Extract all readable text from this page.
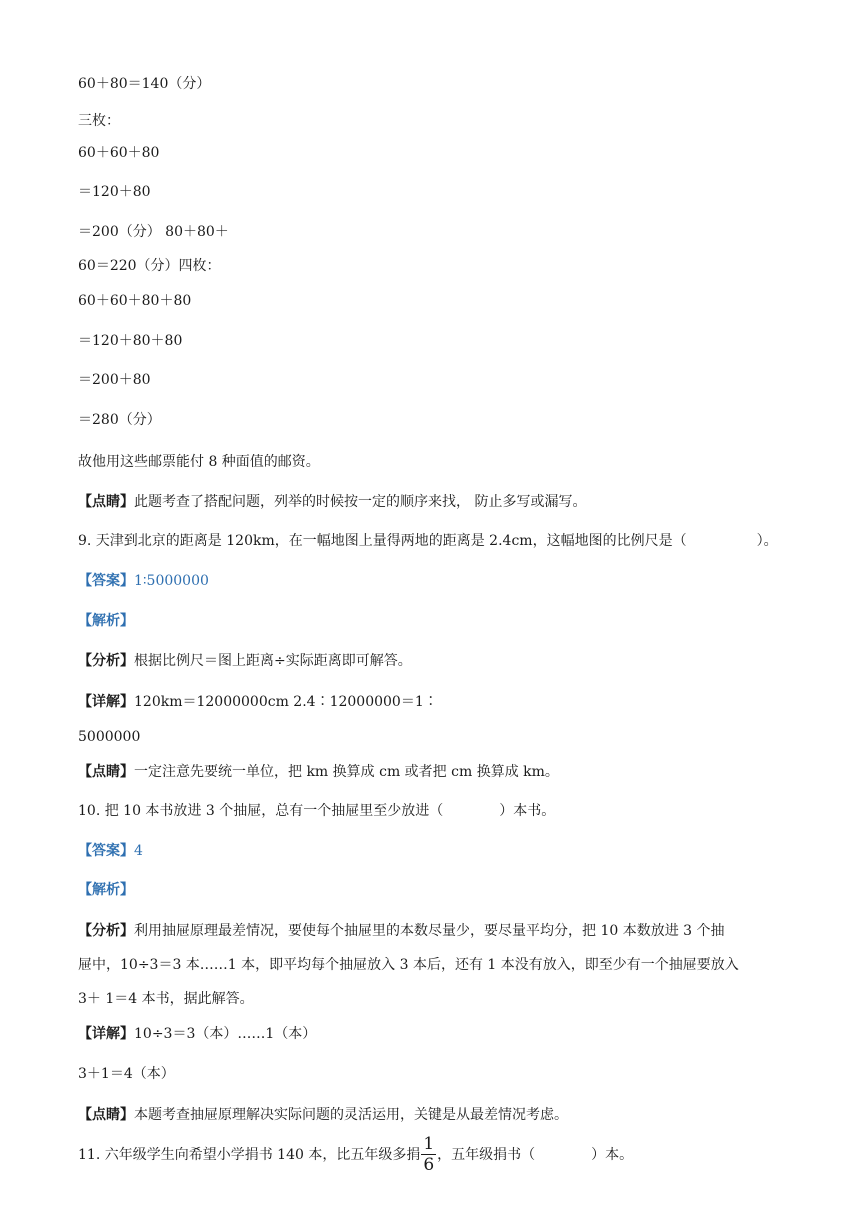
60＋80＝140（分）
三枚：
60＋60＋80
＝120＋80
＝200（分） 80＋80＋
60＝220（分）四枚：
60＋60＋80＋80
＝120＋80＋80
＝200＋80
＝280（分）
故他用这些邮票能付 8 种面值的邮资。
【点睛】此题考查了搭配问题，列举的时候按一定的顺序来找， 防止多写或漏写。
9. 天津到北京的距离是 120km，在一幅地图上量得两地的距离是 2.4cm，这幅地图的比例尺是（　　　　　）。
【答案】1∶5000000
【解析】
【分析】根据比例尺＝图上距离÷实际距离即可解答。
【详解】120km＝12000000cm 2.4∶12000000＝1∶
5000000
【点睛】一定注意先要统一单位，把 km 换算成 cm 或者把 cm 换算成 km。
10. 把 10 本书放进 3 个抽屉，总有一个抽屉里至少放进（　　　　）本书。
【答案】4
【解析】
【分析】利用抽屉原理最差情况，要使每个抽屉里的本数尽量少，要尽量平均分，把 10 本数放进 3 个抽
屉中，10÷3＝3 本……1 本，即平均每个抽屉放入 3 本后，还有 1 本没有放入，即至少有一个抽屉要放入
3＋ 1＝4 本书，据此解答。
【详解】10÷3＝3（本）……1（本）
3＋1＝4（本）
【点睛】本题考查抽屉原理解决实际问题的灵活运用，关键是从最差情况考虑。
11. 六年级学生向希望小学捐书 140 本，比五年级多捐 $\frac{1}{6}$ ，五年级捐书（　　　　）本。
